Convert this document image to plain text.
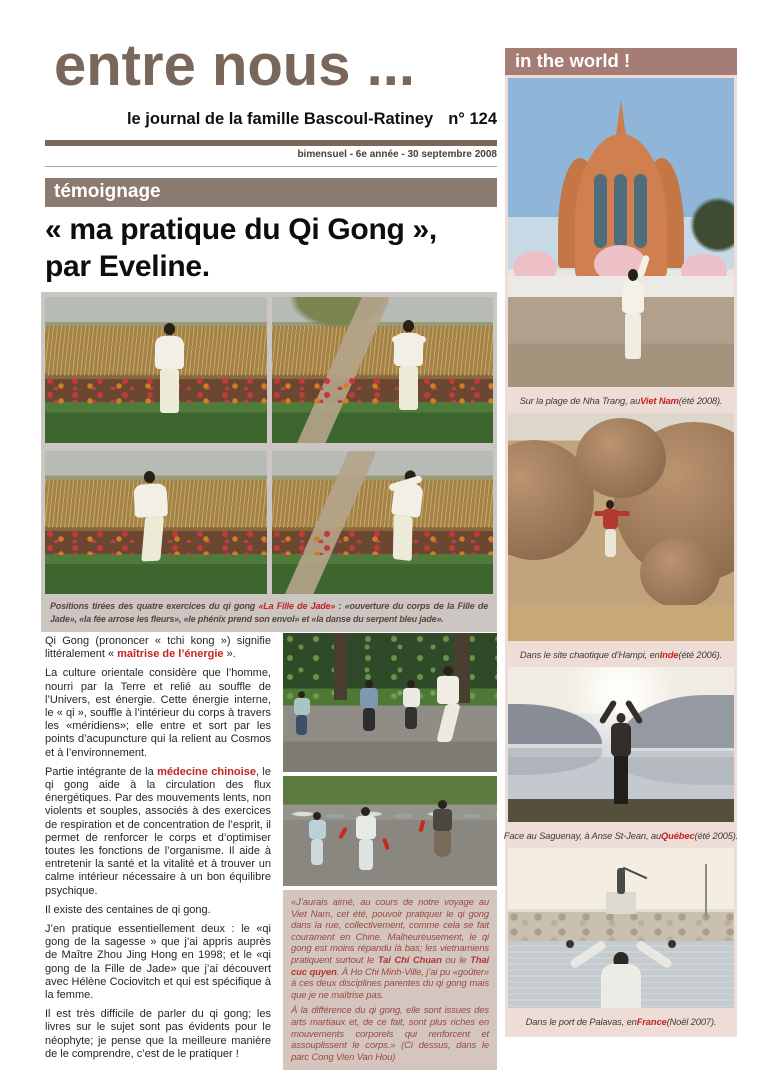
entre nous ...
le journal de la famille Bascoul-Ratiney n° 124
bimensuel - 6e année - 30 septembre 2008
témoignage
« ma pratique du Qi Gong »,
par Eveline.
Positions tirées des quatre exercices du qi gong «La Fille de Jade» : «ouverture du corps de la Fille de Jade», «la fée arrose les fleurs», «le phénix prend son envol» et «la danse du serpent bleu jade».

Qi Gong (prononcer « tchi kong ») signifie littéralement « maîtrise de l’énergie ».

La culture orientale considère que l’homme, nourri par la Terre et relié au souffle de l’Univers, est énergie. Cette énergie interne, le « qi », souffle à l’intérieur du corps à travers les «méridiens»; elle entre et sort par les points d’acupuncture qui la relient au Cosmos et à l’environnement.

Partie intégrante de la médecine chinoise, le qi gong aide à la circulation des flux énergétiques. Par des mouvements lents, non violents et souples, associés à des exercices de respiration et de concentration de l’esprit, il permet de renforcer le corps et d’optimiser toutes les fonctions de l’organisme. Il aide à entretenir la santé et la vitalité et à trouver un calme intérieur nécessaire à un bon équilibre psychique.

Il existe des centaines de qi gong.

J’en pratique essentiellement deux : le «qi gong de la sagesse » que j’ai appris auprès de Maître Zhou Jing Hong en 1998; et le «qi gong de la Fille de Jade» que j’ai découvert avec Hélène Cociovitch et qui est spécifique à la femme.

Il est très difficile de parler du qi gong; les livres sur le sujet sont pas évidents pour le néophyte; je pense que la meilleure manière de le comprendre, c’est de le pratiquer !

«J’aurais aimé, au cours de notre voyage au Viet Nam, cet été, pouvoir pratiquer le qi gong dans la rue, collectivement, comme cela se fait courament en Chine. Malheureusement, le qi gong est moins répandu là bas; les vietnamiens pratiquent surtout le Tai Chi Chuan ou le Thai cuc quyen. À Ho Chi Minh-Ville, j’ai pu «goûter» à ces deux disciplines parentes du qi gong mais que je ne maîtrise pas.

À la différence du qi gong, elle sont issues des arts martiaux et, de ce fait, sont plus riches en mouvements corporels qui renforcent et assouplissent le corps.» (Ci dessus, dans le parc Cong Vien Van Hou)

in the world !
Sur la plage de Nha Trang, au Viet Nam (été 2008).
Dans le site chaotique d’Hampi, en Inde (été 2006).
Face au Saguenay, à Anse St-Jean, au Québec (été 2005).
Dans le port de Palavas, en France (Noël 2007).
